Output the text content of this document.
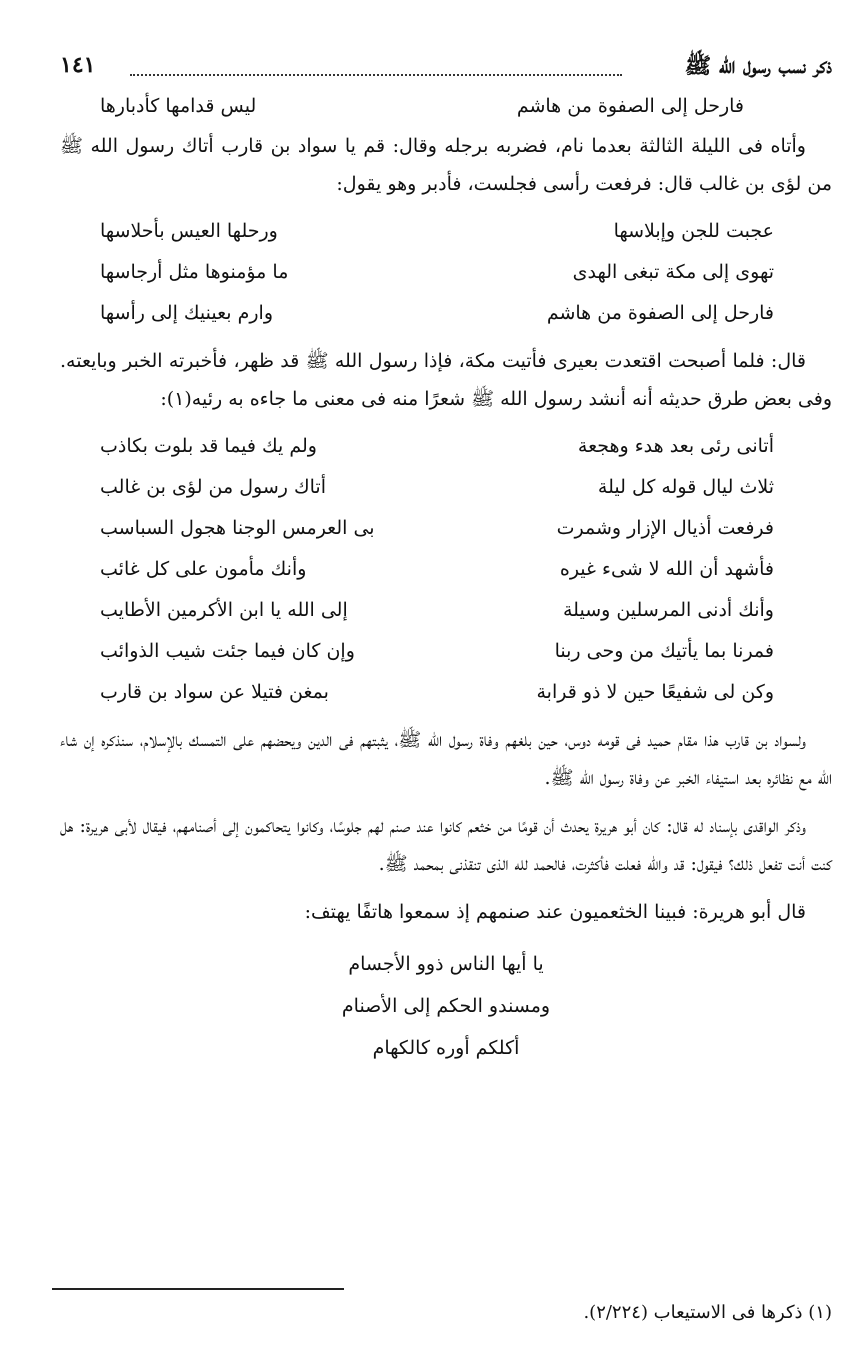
ذكر نسب رسول الله ﷺ
١٤١
فارحل إلى الصفوة من هاشم
ليس قدامها كأدبارها

وأتاه فى الليلة الثالثة بعدما نام، فضربه برجله وقال: قم يا سواد بن قارب أتاك رسول الله ﷺ من لؤى بن غالب قال: فرفعت رأسى فجلست، فأدبر وهو يقول:

عجبت للجن وإبلاسها
ورحلها العيس بأحلاسها
تهوى إلى مكة تبغى الهدى
ما مؤمنوها مثل أرجاسها
فارحل إلى الصفوة من هاشم
وارم بعينيك إلى رأسها

قال: فلما أصبحت اقتعدت بعيرى فأتيت مكة، فإذا رسول الله ﷺ قد ظهر، فأخبرته الخبر وبايعته. وفى بعض طرق حديثه أنه أنشد رسول الله ﷺ شعرًا منه فى معنى ما جاءه به رئيه(١):

أتانى رئى بعد هدء وهجعة
ولم يك فيما قد بلوت بكاذب
ثلاث ليال قوله كل ليلة
أتاك رسول من لؤى بن غالب
فرفعت أذيال الإزار وشمرت
بى العرمس الوجنا هجول السباسب
فأشهد أن الله لا شىء غيره
وأنك مأمون على كل غائب
وأنك أدنى المرسلين وسيلة
إلى الله يا ابن الأكرمين الأطايب
فمرنا بما يأتيك من وحى ربنا
وإن كان فيما جئت شيب الذوائب
وكن لى شفيعًا حين لا ذو قرابة
بمغن فتيلا عن سواد بن قارب

ولسواد بن قارب هذا مقام حميد فى قومه دوس، حين بلغهم وفاة رسول الله ﷺ، يثبتهم فى الدين ويحضهم على التمسك بالإسلام، سنذكره إن شاء الله مع نظائره بعد استيفاء الخبر عن وفاة رسول الله ﷺ.

وذكر الواقدى بإسناد له قال: كان أبو هريرة يحدث أن قومًا من خثعم كانوا عند صنم لهم جلوسًا، وكانوا يتحاكمون إلى أصنامهم، فيقال لأبى هريرة: هل كنت أنت تفعل ذلك؟ فيقول: قد والله فعلت فأكثرت، فالحمد لله الذى تنقذنى بمحمد ﷺ.

قال أبو هريرة: فبينا الخثعميون عند صنمهم إذ سمعوا هاتفًا يهتف:

يا أيها الناس ذوو الأجسام
ومسندو الحكم إلى الأصنام
أكلكم أوره كالكهام
(١) ذكرها فى الاستيعاب (٢/٢٢٤).
